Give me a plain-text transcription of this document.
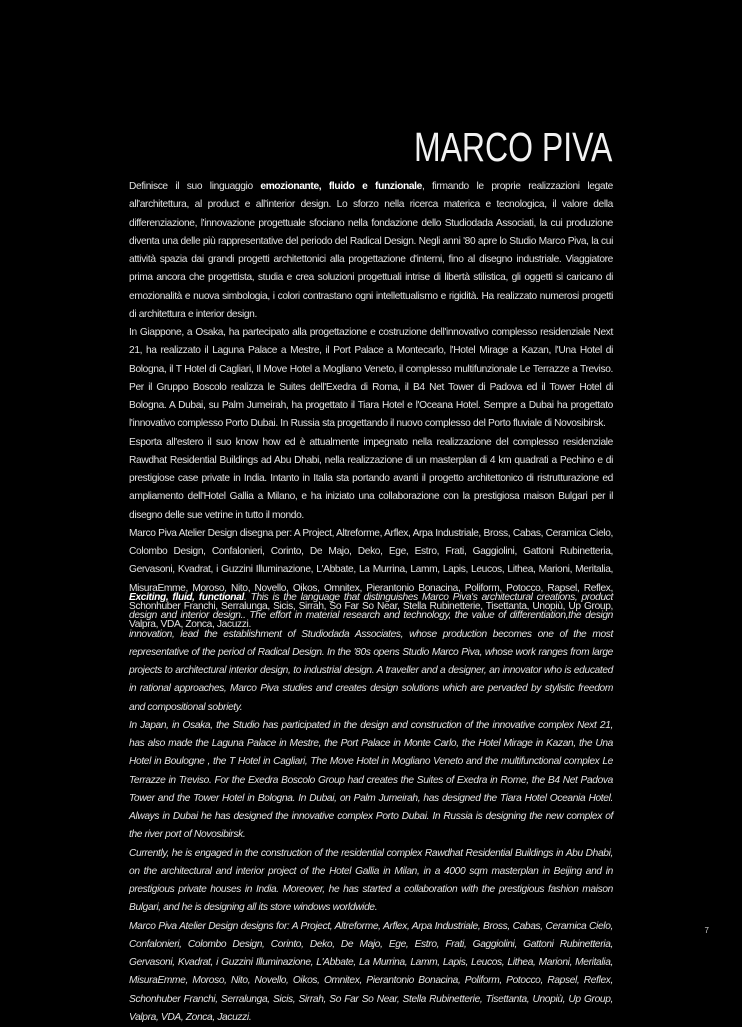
MARCO PIVA

Definisce il suo linguaggio emozionante, fluido e funzionale, firmando le proprie realizzazioni legate all'architettura, al product e all'interior design. Lo sforzo nella ricerca materica e tecnologica, il valore della differenziazione, l'innovazione progettuale sfociano nella fondazione dello Studiodada Associati, la cui produzione diventa una delle più rappresentative del periodo del Radical Design. Negli anni '80 apre lo Studio Marco Piva, la cui attività spazia dai grandi progetti architettonici alla progettazione d'interni, fino al disegno industriale. Viaggiatore prima ancora che progettista, studia e crea soluzioni progettuali intrise di libertà stilistica, gli oggetti si caricano di emozionalità e nuova simbologia, i colori contrastano ogni intellettualismo e rigidità. Ha realizzato numerosi progetti di architettura e interior design.

In Giappone, a Osaka, ha partecipato alla progettazione e costruzione dell'innovativo complesso residenziale Next 21, ha realizzato il Laguna Palace a Mestre, il Port Palace a Montecarlo, l'Hotel Mirage a Kazan, l'Una Hotel di Bologna, il T Hotel di Cagliari, Il Move Hotel a Mogliano Veneto, il complesso multifunzionale Le Terrazze a Treviso. Per il Gruppo Boscolo realizza le Suites dell'Exedra di Roma, il B4 Net Tower di Padova ed il Tower Hotel di Bologna. A Dubai, su Palm Jumeirah, ha progettato il Tiara Hotel e l'Oceana Hotel. Sempre a Dubai ha progettato l'innovativo complesso Porto Dubai. In Russia sta progettando il nuovo complesso del Porto fluviale di Novosibirsk.

Esporta all'estero il suo know how ed è attualmente impegnato nella realizzazione del complesso residenziale Rawdhat Residential Buildings ad Abu Dhabi, nella realizzazione di un masterplan di 4 km quadrati a Pechino e di prestigiose case private in India. Intanto in Italia sta portando avanti il progetto architettonico di ristrutturazione ed ampliamento dell'Hotel Gallia a Milano, e ha iniziato una collaborazione con la prestigiosa maison Bulgari per il disegno delle sue vetrine in tutto il mondo.

Marco Piva Atelier Design disegna per: A Project, Altreforme, Arflex, Arpa Industriale, Bross, Cabas, Ceramica Cielo, Colombo Design, Confalonieri, Corinto, De Majo, Deko, Ege, Estro, Frati, Gaggiolini, Gattoni Rubinetteria, Gervasoni, Kvadrat, i Guzzini Illuminazione, L'Abbate, La Murrina, Lamm, Lapis, Leucos, Lithea, Marioni, Meritalia, MisuraEmme, Moroso, Nito, Novello, Oikos, Omnitex, Pierantonio Bonacina, Poliform, Potocco, Rapsel, Reflex, Schonhuber Franchi, Serralunga, Sicis, Sirrah, So Far So Near, Stella Rubinetterie, Tisettanta, Unopiù, Up Group, Valpra, VDA, Zonca, Jacuzzi.

Exciting, fluid, functional. This is the language that distinguishes Marco Piva's architectural creations, product design and interior design.. The effort in material research and technology, the value of differentiation,the design innovation, lead the establishment of Studiodada Associates, whose production becomes one of the most representative of the period of Radical Design. In the '80s opens Studio Marco Piva, whose work ranges from large projects to architectural interior design, to industrial design. A traveller and a designer, an innovator who is educated in rational approaches, Marco Piva studies and creates design solutions which are pervaded by stylistic freedom and compositional sobriety.

In Japan, in Osaka, the Studio has participated in the design and construction of the innovative complex Next 21, has also made the Laguna Palace in Mestre, the Port Palace in Monte Carlo, the Hotel Mirage in Kazan, the Una Hotel in Boulogne , the T Hotel in Cagliari, The Move Hotel in Mogliano Veneto and the multifunctional complex Le Terrazze in Treviso. For the Exedra Boscolo Group had creates the Suites of Exedra in Rome, the B4 Net Padova Tower and the Tower Hotel in Bologna. In Dubai, on Palm Jumeirah, has designed the Tiara Hotel Oceania Hotel. Always in Dubai he has designed the innovative complex Porto Dubai. In Russia is designing the new complex of the river port of Novosibirsk.

Currently, he is engaged in the construction of the residential complex Rawdhat Residential Buildings in Abu Dhabi, on the architectural and interior project of the Hotel Gallia in Milan, in a 4000 sqm masterplan in Beijing and in prestigious private houses in India. Moreover, he has started a collaboration with the prestigious fashion maison Bulgari, and he is designing all its store windows worldwide.

Marco Piva Atelier Design designs for: A Project, Altreforme, Arflex, Arpa Industriale, Bross, Cabas, Ceramica Cielo, Confalonieri, Colombo Design, Corinto, Deko, De Majo, Ege, Estro, Frati, Gaggiolini, Gattoni Rubinetteria, Gervasoni, Kvadrat, i Guzzini Illuminazione, L'Abbate, La Murrina, Lamm, Lapis, Leucos, Lithea, Marioni, Meritalia, MisuraEmme, Moroso, Nito, Novello, Oikos, Omnitex, Pierantonio Bonacina, Poliform, Potocco, Rapsel, Reflex, Schonhuber Franchi, Serralunga, Sicis, Sirrah, So Far So Near, Stella Rubinetterie, Tisettanta, Unopiù, Up Group, Valpra, VDA, Zonca, Jacuzzi.

7
